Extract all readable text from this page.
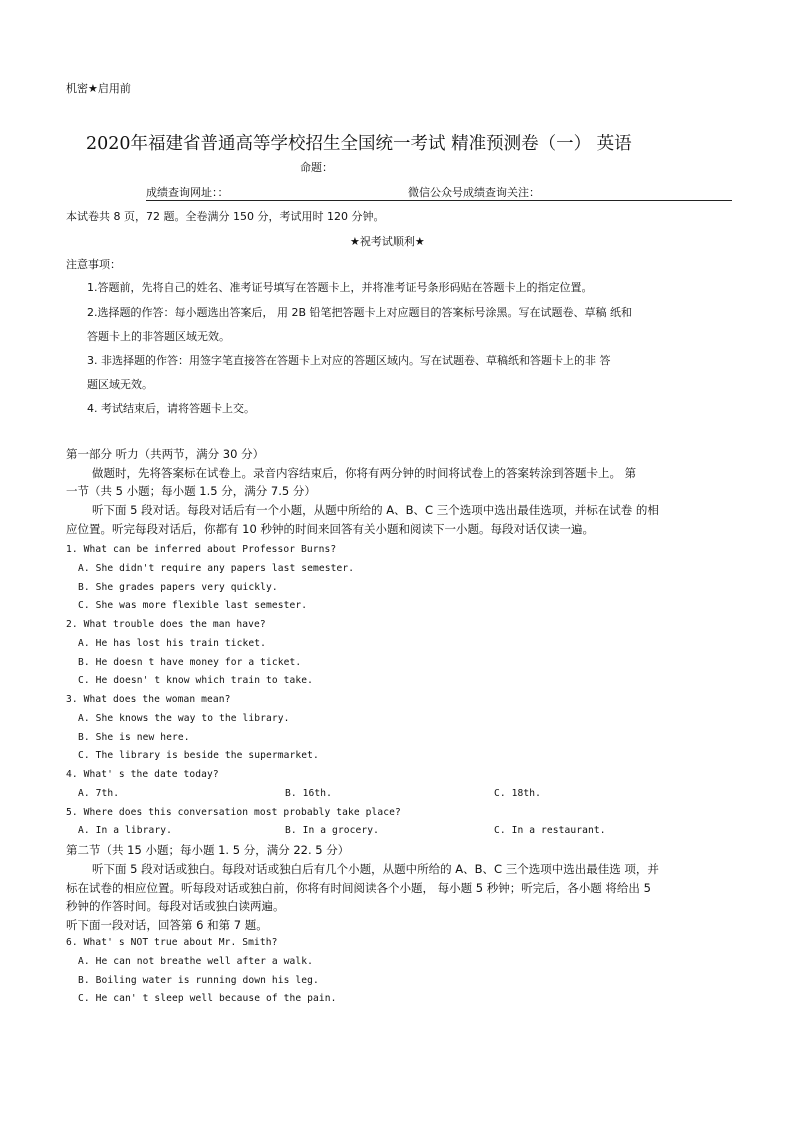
机密★启用前
2020年福建省普通高等学校招生全国统一考试 精准预测卷（一） 英语
命题：
成绩查询网址：：	微信公众号成绩查询关注：
本试卷共 8 页，72 题。全卷满分 150 分，考试用时 120 分钟。
★祝考试顺利★
注意事项：
1.答题前，先将自己的姓名、准考证号填写在答题卡上，并将准考证号条形码贴在答题卡上的指定位置。
2.选择题的作答：每小题选出答案后， 用 2B 铅笔把答题卡上对应题目的答案标号涂黑。写在试题卷、草稿 纸和
答题卡上的非答题区域无效。
3. 非选择题的作答：用签字笔直接答在答题卡上对应的答题区域内。写在试题卷、草稿纸和答题卡上的非 答
题区域无效。
4. 考试结束后，请将答题卡上交。
第一部分 听力（共两节，满分 30 分）
做题时，先将答案标在试卷上。录音内容结束后，你将有两分钟的时间将试卷上的答案转涂到答题卡上。 第
一节（共 5 小题；每小题 1.5 分，满分 7.5 分）
听下面 5 段对话。每段对话后有一个小题，从题中所给的 A、B、C 三个选项中选出最佳选项，并标在试卷 的相
应位置。听完每段对话后，你都有 10 秒钟的时间来回答有关小题和阅读下一小题。每段对话仅读一遍。
1. What can be inferred about Professor Burns?
A. She didn't require any papers last semester.
B. She grades papers very quickly.
C. She was more flexible last semester.
2. What trouble does the man have?
A. He has lost his train ticket.
B. He doesn t have money for a ticket.
C. He doesn' t know which train to take.
3. What does the woman mean?
A. She knows the way to the library.
B. She is new here.
C. The library is beside the supermarket.
4. What' s the date today?
A. 7th.	B. 16th.	C. 18th.
5. Where does this conversation most probably take place?
A. In a library.	B. In a grocery.	C. In a restaurant.
第二节（共 15 小题；每小题 1. 5 分，满分 22. 5 分）
听下面 5 段对话或独白。每段对话或独白后有几个小题，从题中所给的 A、B、C 三个选项中选出最佳选 项，并
标在试卷的相应位置。听每段对话或独白前，你将有时间阅读各个小题， 每小题 5 秒钟；听完后，各小题 将给出 5
秒钟的作答时间。每段对话或独白读两遍。
听下面一段对话，回答第 6 和第 7 题。
6. What' s NOT true about Mr. Smith?
A. He can not breathe well after a walk.
B. Boiling water is running down his leg.
C. He can' t sleep well because of the pain.
